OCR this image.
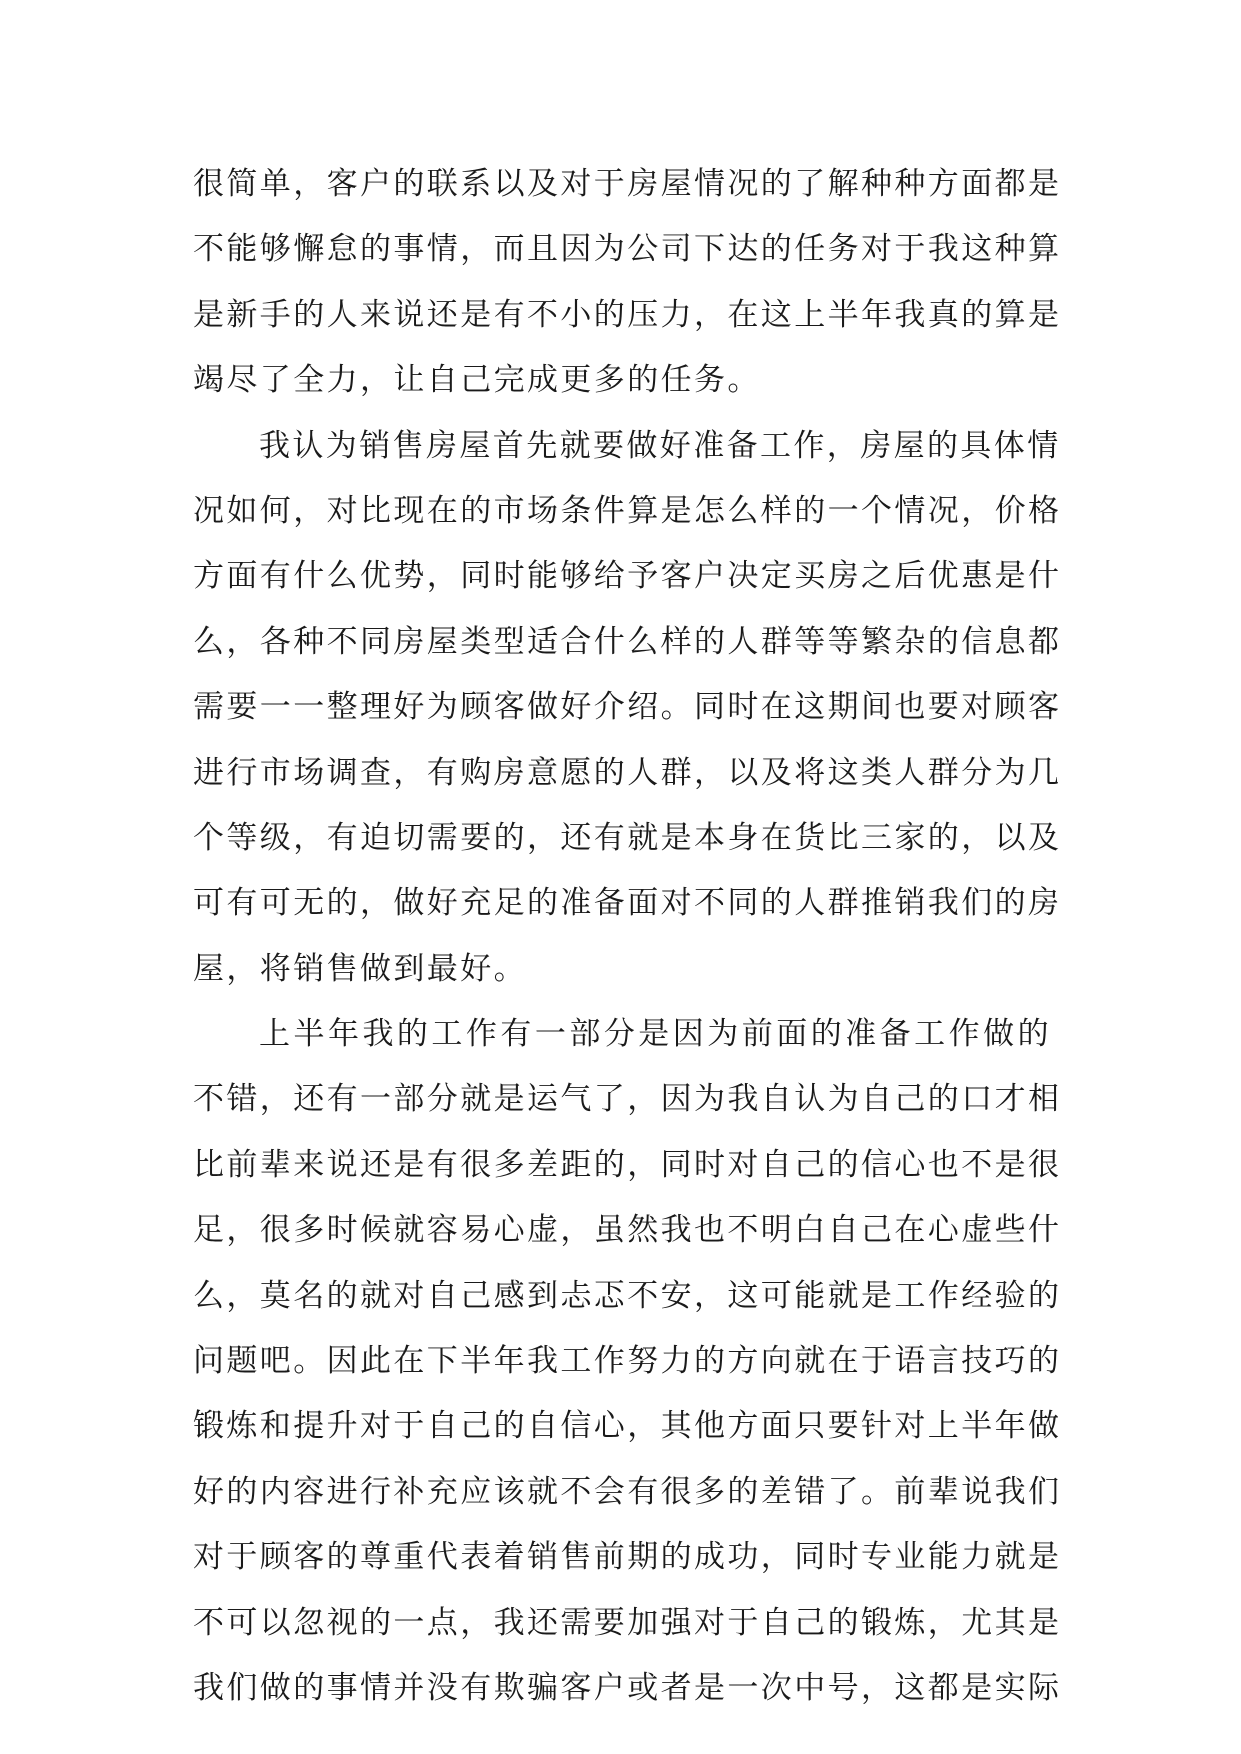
很简单，客户的联系以及对于房屋情况的了解种种方面都是
不能够懈怠的事情，而且因为公司下达的任务对于我这种算
是新手的人来说还是有不小的压力，在这上半年我真的算是
竭尽了全力，让自己完成更多的任务。
我认为销售房屋首先就要做好准备工作，房屋的具体情
况如何，对比现在的市场条件算是怎么样的一个情况，价格
方面有什么优势，同时能够给予客户决定买房之后优惠是什
么，各种不同房屋类型适合什么样的人群等等繁杂的信息都
需要一一整理好为顾客做好介绍。同时在这期间也要对顾客
进行市场调查，有购房意愿的人群，以及将这类人群分为几
个等级，有迫切需要的，还有就是本身在货比三家的，以及
可有可无的，做好充足的准备面对不同的人群推销我们的房
屋，将销售做到最好。
上半年我的工作有一部分是因为前面的准备工作做的
不错，还有一部分就是运气了，因为我自认为自己的口才相
比前辈来说还是有很多差距的，同时对自己的信心也不是很
足，很多时候就容易心虚，虽然我也不明白自己在心虚些什
么，莫名的就对自己感到忐忑不安，这可能就是工作经验的
问题吧。因此在下半年我工作努力的方向就在于语言技巧的
锻炼和提升对于自己的自信心，其他方面只要针对上半年做
好的内容进行补充应该就不会有很多的差错了。前辈说我们
对于顾客的尊重代表着销售前期的成功，同时专业能力就是
不可以忽视的一点，我还需要加强对于自己的锻炼，尤其是
我们做的事情并没有欺骗客户或者是一次中号，这都是实际
